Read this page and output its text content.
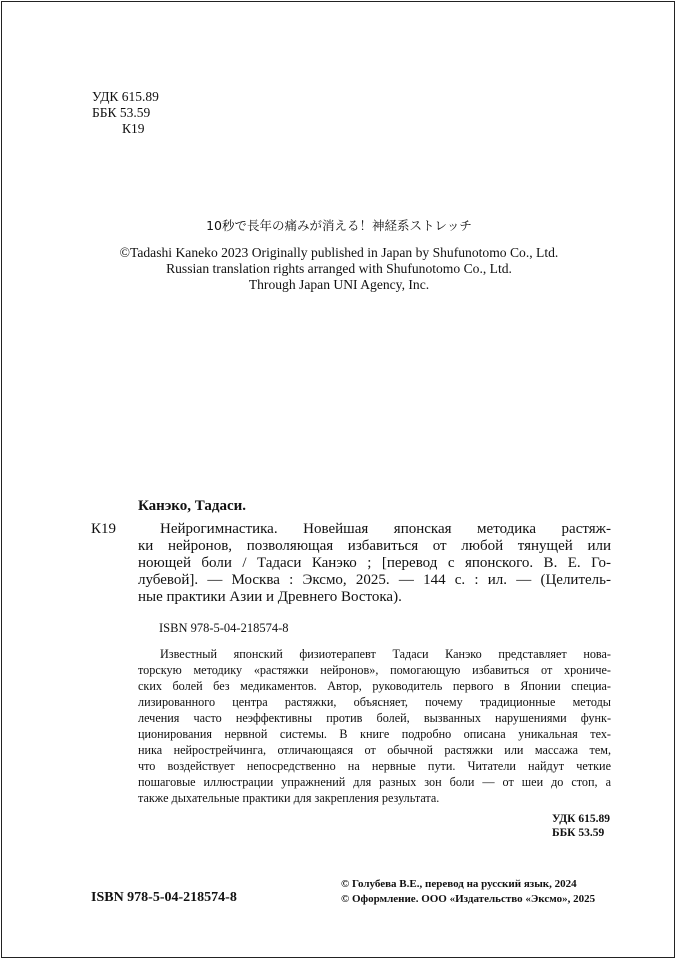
УДК 615.89
ББК 53.59
К19
10秒で長年の痛みが消える！神経系ストレッチ
©Tadashi Kaneko 2023 Originally published in Japan by Shufunotomo Co., Ltd.
Russian translation rights arranged with Shufunotomo Co., Ltd.
Through Japan UNI Agency, Inc.
Канэко, Тадаси.
К19	Нейрогимнастика. Новейшая японская методика растяж-
ки нейронов, позволяющая избавиться от любой тянущей или
ноющей боли / Тадаси Канэко ; [перевод с японского. В. Е. Го-
лубевой]. — Москва : Эксмо, 2025. — 144 с. : ил. — (Целитель-
ные практики Азии и Древнего Востока).
ISBN 978-5-04-218574-8
Известный японский физиотерапевт Тадаси Канэко представляет нова-
торскую методику «растяжки нейронов», помогающую избавиться от хрониче-
ских болей без медикаментов. Автор, руководитель первого в Японии специа-
лизированного центра растяжки, объясняет, почему традиционные методы
лечения часто неэффективны против болей, вызванных нарушениями функ-
ционирования нервной системы. В книге подробно описана уникальная тех-
ника нейрострейчинга, отличающаяся от обычной растяжки или массажа тем,
что воздействует непосредственно на нервные пути. Читатели найдут четкие
пошаговые иллюстрации упражнений для разных зон боли — от шеи до стоп, а
также дыхательные практики для закрепления результата.
УДК 615.89
ББК 53.59
ISBN 978-5-04-218574-8
© Голубева В.Е., перевод на русский язык, 2024
© Оформление. ООО «Издательство «Эксмо», 2025
